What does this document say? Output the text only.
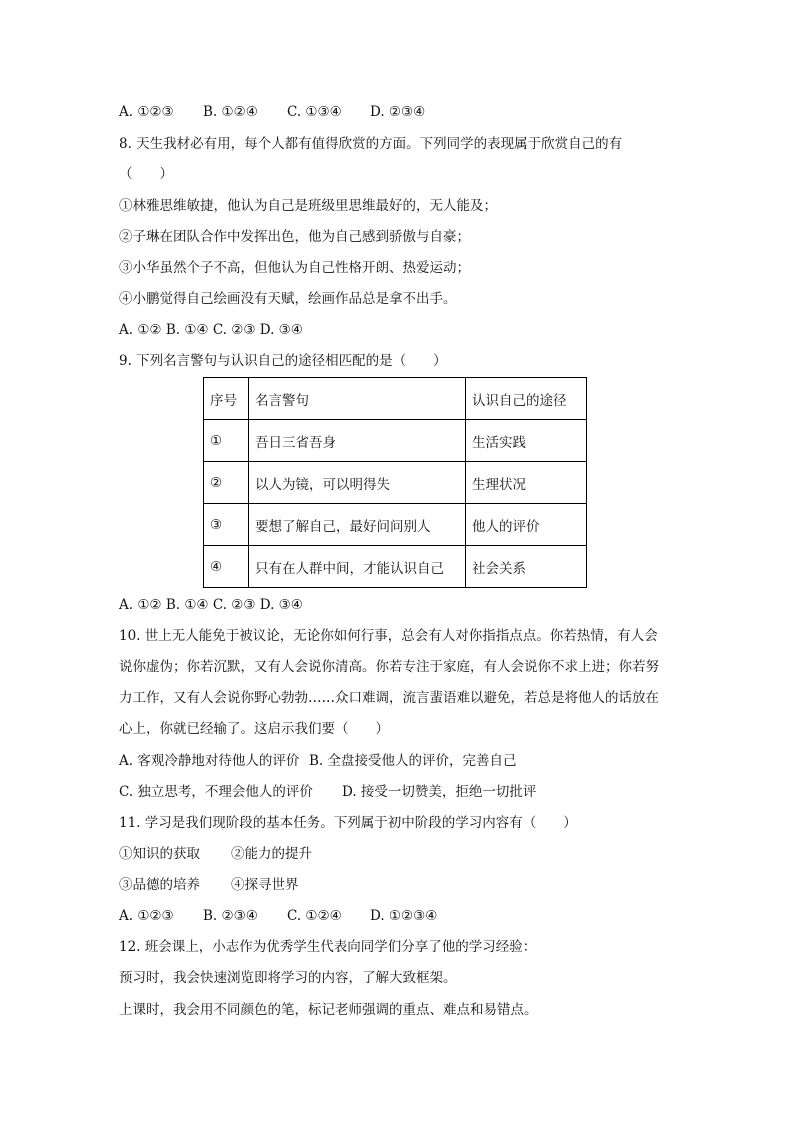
A. ①②③ B. ①②④ C. ①③④ D. ②③④
8. 天生我材必有用，每个人都有值得欣赏的方面。下列同学的表现属于欣赏自己的有
（　　）
①林雅思维敏捷，他认为自己是班级里思维最好的，无人能及；
②子琳在团队合作中发挥出色，他为自己感到骄傲与自豪；
③小华虽然个子不高，但他认为自己性格开朗、热爱运动；
④小鹏觉得自己绘画没有天赋，绘画作品总是拿不出手。
A. ①② B. ①④ C. ②③ D. ③④
9. 下列名言警句与认识自己的途径相匹配的是（　　）
序号	名言警句	认识自己的途径
①	吾日三省吾身	生活实践
②	以人为镜，可以明得失	生理状况
③	要想了解自己，最好问问别人	他人的评价
④	只有在人群中间，才能认识自己	社会关系
A. ①② B. ①④ C. ②③ D. ③④
10. 世上无人能免于被议论，无论你如何行事，总会有人对你指指点点。你若热情，有人会
说你虚伪；你若沉默，又有人会说你清高。你若专注于家庭，有人会说你不求上进；你若努
力工作，又有人会说你野心勃勃……众口难调，流言蜚语难以避免，若总是将他人的话放在
心上，你就已经输了。这启示我们要（　　）
A. 客观冷静地对待他人的评价 B. 全盘接受他人的评价，完善自己
C. 独立思考，不理会他人的评价 D. 接受一切赞美，拒绝一切批评
11. 学习是我们现阶段的基本任务。下列属于初中阶段的学习内容有（　　）
①知识的获取 ②能力的提升
③品德的培养 ④探寻世界
A. ①②③ B. ②③④ C. ①②④ D. ①②③④
12. 班会课上，小志作为优秀学生代表向同学们分享了他的学习经验：
预习时，我会快速浏览即将学习的内容，了解大致框架。
上课时，我会用不同颜色的笔，标记老师强调的重点、难点和易错点。
